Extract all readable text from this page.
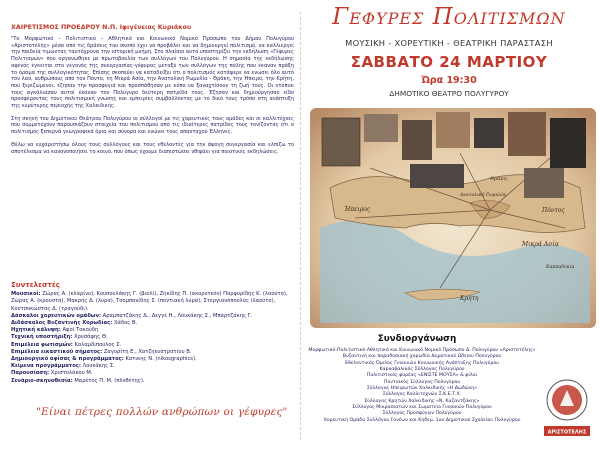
ΧΑΙΡΕΤΙΣΜΟΣ ΠΡΟΕΔΡΟΥ Ν.Π. Ιφιγένειας Κυριάκου

"Το Μορφωτικό – Πολιτιστικό – Αθλητικό και Κοινωνικό Νομικό Πρόσωπο του Δήμου Πολυγύρου «Αριστοτέλης» μέσα από τις δράσεις του σκοπό έχει να προβάλει και να δημιουργεί πολιτισμό, να καλλιεργεί την παιδεία τιμώντας ταυτόχρονα την ιστορική μνήμη. Στο πλαίσιο αυτό υποστηρίζει την εκδήλωση «Γέφυρες Πολιτισμών» που οργανώθηκε με πρωτοβουλία των συλλόγων του Πολυγύρου. Η σημασία της εκδήλωσης αφενός έγκειται στο γεγονός της συνεργασίας-γέφυρας μεταξύ των συλλόγων της πόλης που έκαναν πράξη το όραμα της συλλογικότητας. Επίσης σκοπεύει να καταδείξει ότι ο πολιτισμός κατάφερε να ενώσει όλο αυτό τον λαό, ανθρώπους από τον Πόντο, τη Μικρά Ασία, την Ανατολική Ρωμυλία - Θράκη, την Ήπειρο, την Κρήτη, που ξεριζωμένοι, έζησαν την προσφυγιά και προσπάθησαν με κόπο να ξαναχτίσουν τη ζωή τους. Οι ντόπιοι τους αγκάλιασαν αυτοί έκαναν τον Πολύγυρο δεύτερη πατρίδα τους. Έζησαν και δημιούργησαν είδο προσφέροντας τους πολιτισμική γνώσης και εμπειρίες συμβάλλοντας με το δικό τους τρόπο στη ανάπτυξη της ευρύτερης περιοχής της Χαλκιδικής.

Στη σκηνή του Δημοτικού Θεάτρου Πολυγύρου οι σύλλογοί με τις χορευτικές τους ομάδες και οι καλλιτέχνες που συμμετέχουν παρουσιάζουν στοιχεία του πολιτισμού από τις ιδιαίτερες πατρίδες τους τονίζοντας ότι ο πολιτισμός ξεπερνά γεωγραφικά όρια και σύνορα και ενώνει τους απανταχού Έλληνες.

Θέλω να ευχαριστήσω όλους τους συλλόγους και τους εθελοντές για την άψογη συνεργασία και ελπίζω το αποτέλεσμα να κανονοποιήσει το κοινό, που όπως έχουμε διαπιστώσει νθιψάει για ποιοτικές εκδηλώσεις.

Συντελεστές
Μουσικοί: Ζώρας Α. (κλαρίνο), Κουσουλάκης Γ. (βιολί), Ζηκίδης Π. (ακορντεόν) Πορφυρίδης Κ. (λαούτο), Ζώρας Α. (κρουστά), Μακρής Δ. (λύρα), Τσομπανίδης Σ. (ποντιακή λύρα), Στεργιανόπουλος (λαούτο), Κουτσοκώστας Δ. (τραγούδι).
Δάσκαλοι χορευτικών ομάδων: Αραμπατζάκης Δ., Δεγγέ Η., Λουκάκης Σ., Μπαρτζάκης Γ.
Διδάσκαλος Βυζαντινής Χορωδίας: Χάδος Β.
Ηχητική κάλυψη: Αφοί Τακούδη
Τεχνική υποστήριξη: Χρυσάφης Θ.
Επιμέλεια φωτισμών: Καλαμδιπουλος Σ.
Επιμέλεια εικαστικού σήματος: Ζαγορίτη Ε., Χατζηευστρατίου Β.
Δημιουργικό αφίσας & προγράμματος: Κατικης Ν. (nikosgraphics).
Κείμενα προγράμματος: Λουκάκης Σ.
Παρουσίαση: Χριστολάκου Μ.
Σενάριο-σκηνοθεσία: Μαρέτος Π. Μ. (πλνθέτης).
"Είναι πέτρες πολλών ανθρώπων οι γέφυρες"
Γεφυρες Πολιτισμων
ΜΟΥΣΙΚΗ - ΧΟΡΕΥΤΙΚΗ - ΘΕΑΤΡΙΚΗ ΠΑΡΑΣΤΑΣΗ
ΣΑΒΒΑΤΟ 24 ΜΑΡΤΙΟΥ
Ώρα 19:30
ΔΗΜΟΤΙΚΟ ΘΕΑΤΡΟ ΠΟΛΥΓΥΡΟΥ
Ήπειρος
Κρήτη
Θράκη
Πόντος
Μικρά Ασία
Ανατολική Ρωμυλία
Καππαδοκία
Συνδιοργάνωση
Μορφωτικό-Πολιτιστικό-Αθλητικό και Κοινωνικό Νομικό Πρόσωπο Δ. Πολυγύρου «Αριστοτέλης»
Βυζαντινή και παραδοσιακή χορωδία Δημοτικού Ωδείου Πολυγύρου
Εθελοντικός Όμιλος Γυναικών Κοινωνικής Ανάπτυξης Πολυγύρου
Καρναβαλικός Σύλλογος Πολυγύρου
Πολιτιστικός φορέας «ΕΝΙΣΤΕ ΜΟΥΣΑ» & φίλοι
Ποντιακός Σύλλογος Πολυγύρου
Σύλλογος Ηπειρωτών Χαλκιδικής «Η Δωδώνη»
Σύλλογος Καλλιτεχνών Σ.Κ.Ε.Τ.Χ.
Σύλλογος Κρητών Χαλκιδικής «Ν. Καζαντζάκης»
Σύλλογος Μικρασιατών και Σωματείο Γυναικών Πολυγύρου
Σύλλογος Προσφύγων Πολυγύρου
Χορευτική Ομάδα Συλλόγου Γονέων και Κηδεμ. 1ου Δημοτικού Σχολείου Πολυγύρου
ΑΡΙΣΤΟΤΕΛΗΣ
